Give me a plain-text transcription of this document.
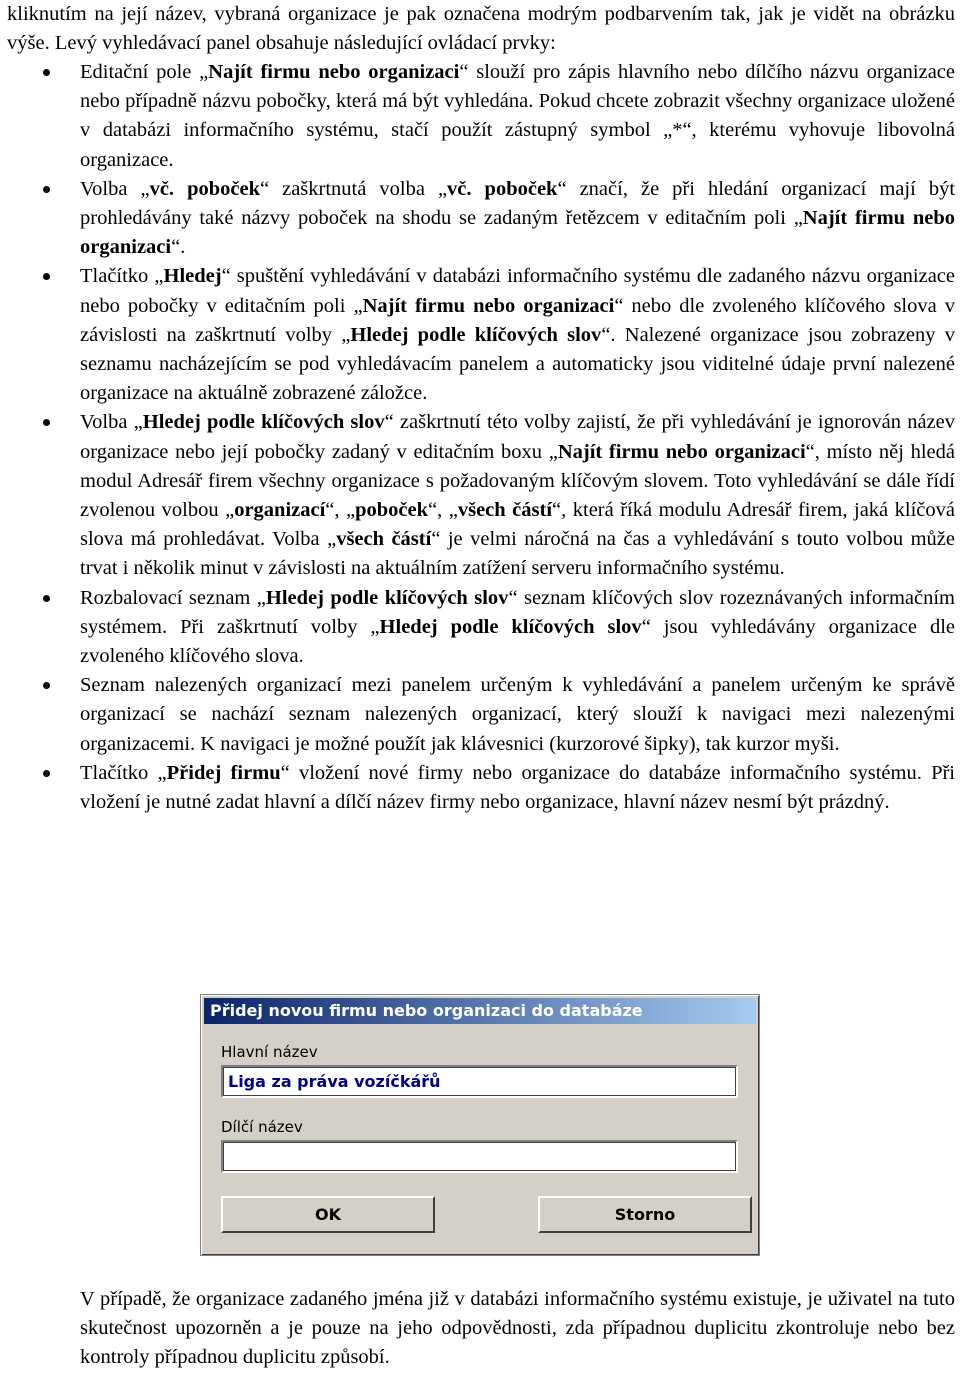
kliknutím na její název, vybraná organizace je pak označena modrým podbarvením tak, jak je vidět na obrázku výše. Levý vyhledávací panel obsahuje následující ovládací prvky:

Editační pole „Najít firmu nebo organizaci“ slouží pro zápis hlavního nebo dílčího názvu organizace nebo případně názvu pobočky, která má být vyhledána. Pokud chcete zobrazit všechny organizace uložené v databázi informačního systému, stačí použít zástupný symbol „*“, kterému vyhovuje libovolná organizace.
Volba „vč. poboček“ zaškrtnutá volba „vč. poboček“ značí, že při hledání organizací mají být prohledávány také názvy poboček na shodu se zadaným řetězcem v editačním poli „Najít firmu nebo organizaci“.
Tlačítko „Hledej“ spuštění vyhledávání v databázi informačního systému dle zadaného názvu organizace nebo pobočky v editačním poli „Najít firmu nebo organizaci“ nebo dle zvoleného klíčového slova v závislosti na zaškrtnutí volby „Hledej podle klíčových slov“. Nalezené organizace jsou zobrazeny v seznamu nacházejícím se pod vyhledávacím panelem a automaticky jsou viditelné údaje první nalezené organizace na aktuálně zobrazené záložce.
Volba „Hledej podle klíčových slov“ zaškrtnutí této volby zajistí, že při vyhledávání je ignorován název organizace nebo její pobočky zadaný v editačním boxu „Najít firmu nebo organizaci“, místo něj hledá modul Adresář firem všechny organizace s požadovaným klíčovým slovem. Toto vyhledávání se dále řídí zvolenou volbou „organizací“, „poboček“, „všech částí“, která říká modulu Adresář firem, jaká klíčová slova má prohledávat. Volba „všech částí“ je velmi náročná na čas a vyhledávání s touto volbou může trvat i několik minut v závislosti na aktuálním zatížení serveru informačního systému.
Rozbalovací seznam „Hledej podle klíčových slov“ seznam klíčových slov rozeznávaných informačním systémem. Při zaškrtnutí volby „Hledej podle klíčových slov“ jsou vyhledávány organizace dle zvoleného klíčového slova.
Seznam nalezených organizací mezi panelem určeným k vyhledávání a panelem určeným ke správě organizací se nachází seznam nalezených organizací, který slouží k navigaci mezi nalezenými organizacemi. K navigaci je možné použít jak klávesnici (kurzorové šipky), tak kurzor myši.
Tlačítko „Přidej firmu“ vložení nové firmy nebo organizace do databáze informačního systému. Při vložení je nutné zadat hlavní a dílčí název firmy nebo organizace, hlavní název nesmí být prázdný.
Přidej novou firmu nebo organizaci do databáze
Hlavní název
Liga za práva vozíčkářů
Dílčí název
OK	Storno

V případě, že organizace zadaného jména již v databázi informačního systému existuje, je uživatel na tuto skutečnost upozorněn a je pouze na jeho odpovědnosti, zda případnou duplicitu zkontroluje nebo bez kontroly případnou duplicitu způsobí.
